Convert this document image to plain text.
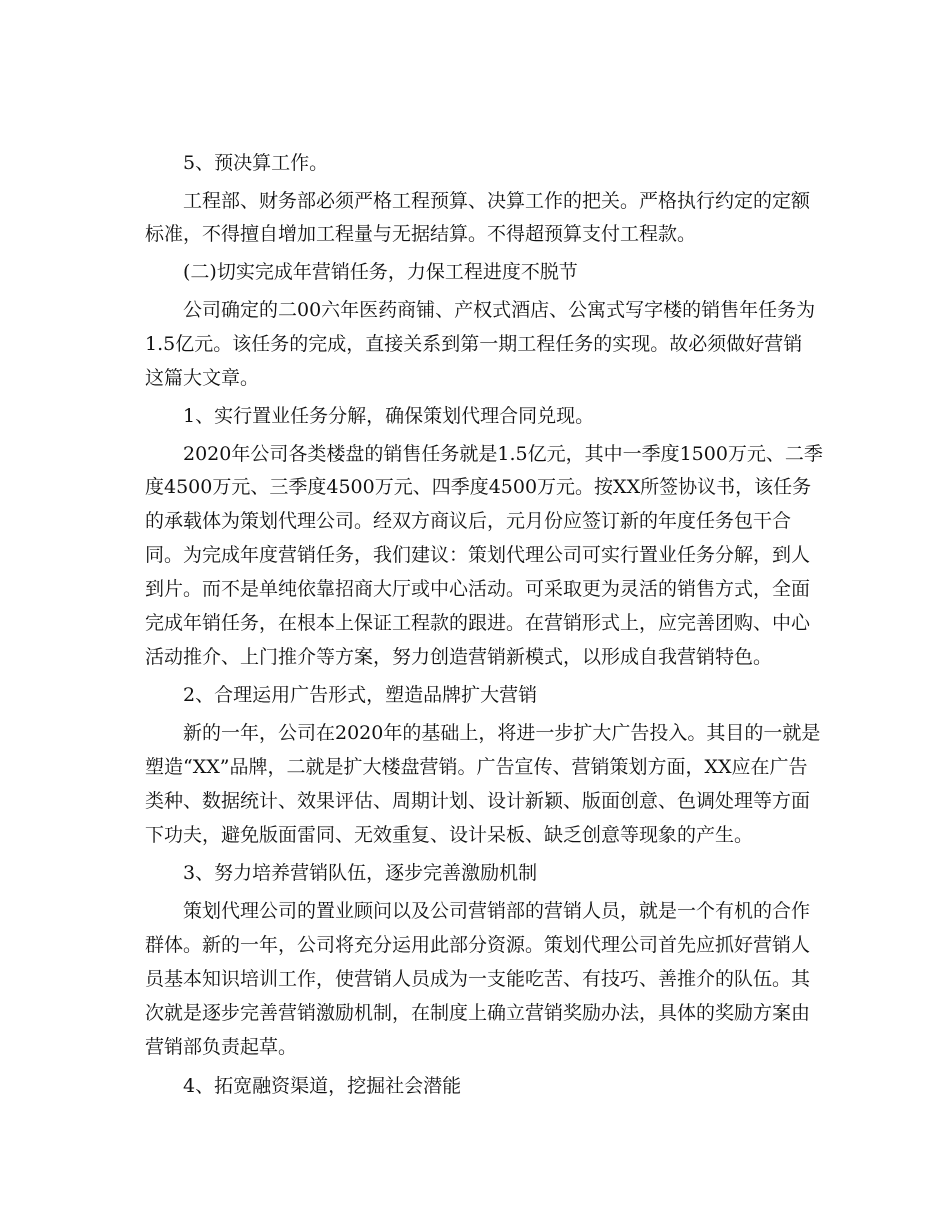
5、预决算工作。

工程部、财务部必须严格工程预算、决算工作的把关。严格执行约定的定额

标准，不得擅自增加工程量与无据结算。不得超预算支付工程款。

(二)切实完成年营销任务，力保工程进度不脱节

公司确定的二00六年医药商铺、产权式酒店、公寓式写字楼的销售年任务为

1.5亿元。该任务的完成，直接关系到第一期工程任务的实现。故必须做好营销

这篇大文章。

1、实行置业任务分解，确保策划代理合同兑现。

2020年公司各类楼盘的销售任务就是1.5亿元，其中一季度1500万元、二季

度4500万元、三季度4500万元、四季度4500万元。按XX所签协议书，该任务

的承载体为策划代理公司。经双方商议后，元月份应签订新的年度任务包干合

同。为完成年度营销任务，我们建议：策划代理公司可实行置业任务分解，到人

到片。而不是单纯依靠招商大厅或中心活动。可采取更为灵活的销售方式，全面

完成年销任务，在根本上保证工程款的跟进。在营销形式上，应完善团购、中心

活动推介、上门推介等方案，努力创造营销新模式，以形成自我营销特色。

2、合理运用广告形式，塑造品牌扩大营销

新的一年，公司在2020年的基础上，将进一步扩大广告投入。其目的一就是

塑造“XX”品牌，二就是扩大楼盘营销。广告宣传、营销策划方面，XX应在广告

类种、数据统计、效果评估、周期计划、设计新颖、版面创意、色调处理等方面

下功夫，避免版面雷同、无效重复、设计呆板、缺乏创意等现象的产生。

3、努力培养营销队伍，逐步完善激励机制

策划代理公司的置业顾问以及公司营销部的营销人员，就是一个有机的合作

群体。新的一年，公司将充分运用此部分资源。策划代理公司首先应抓好营销人

员基本知识培训工作，使营销人员成为一支能吃苦、有技巧、善推介的队伍。其

次就是逐步完善营销激励机制，在制度上确立营销奖励办法，具体的奖励方案由

营销部负责起草。

4、拓宽融资渠道，挖掘社会潜能
